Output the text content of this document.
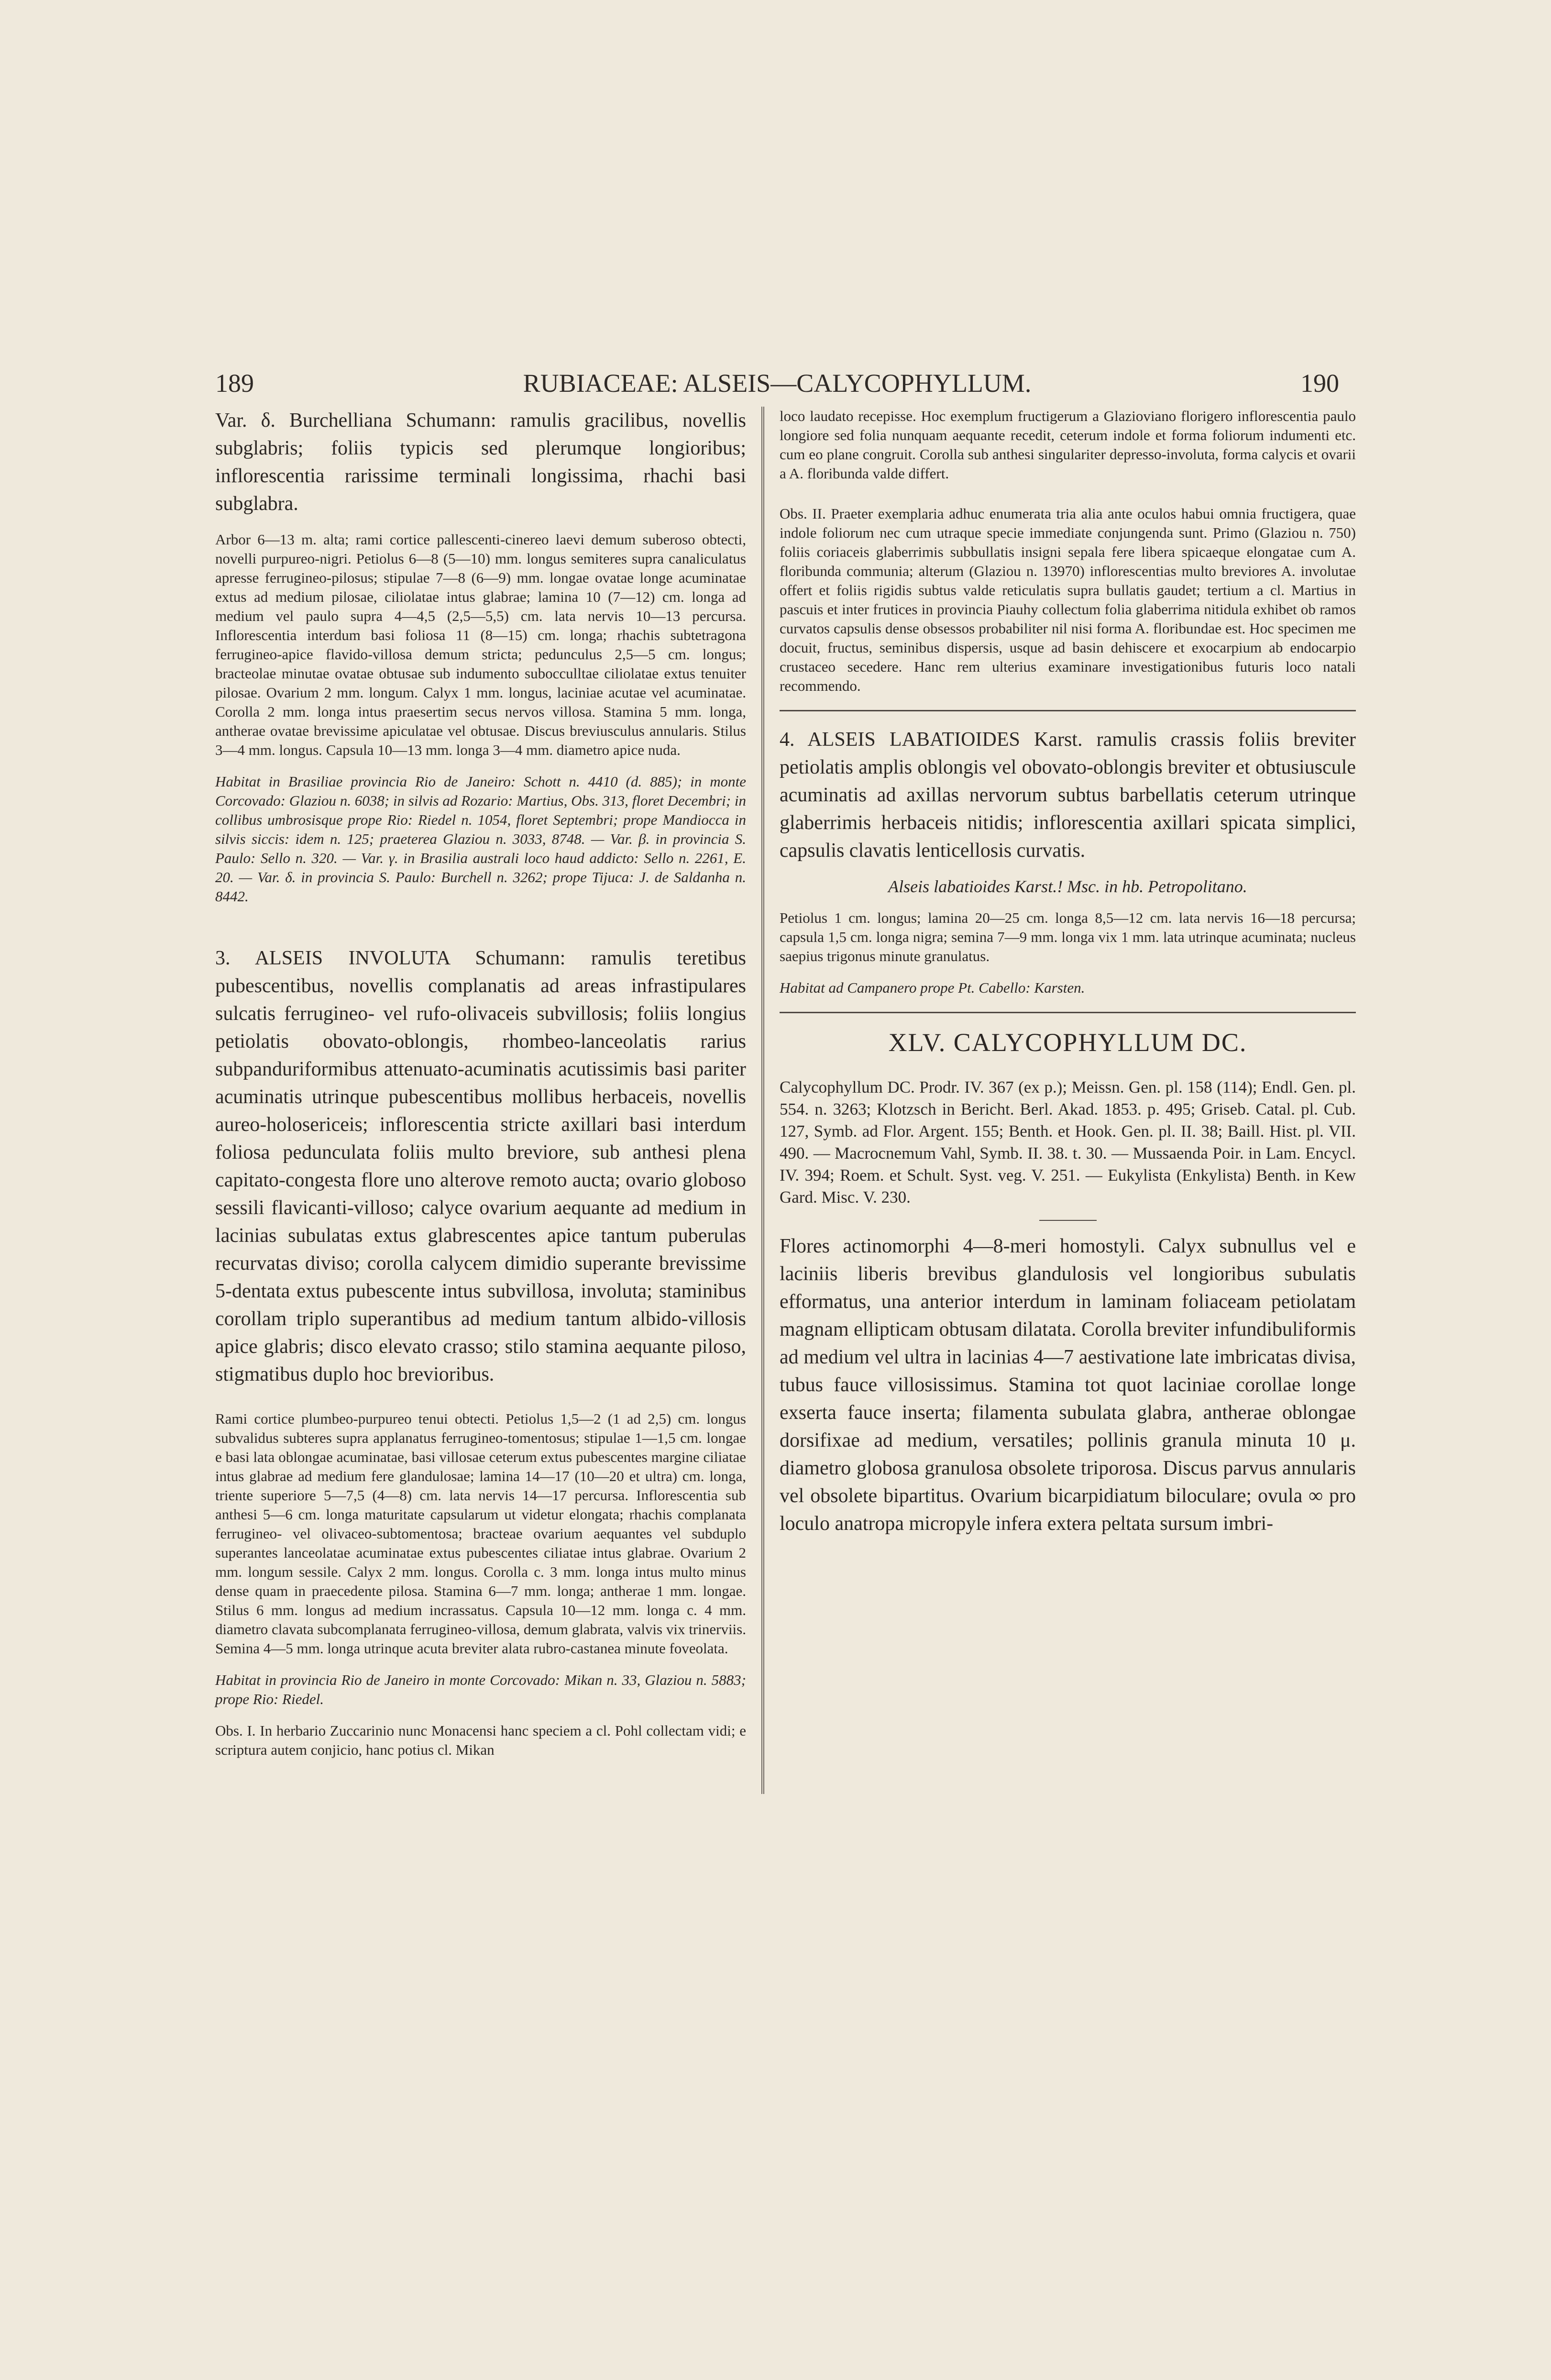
189	RUBIACEAE: ALSEIS—CALYCOPHYLLUM.	190

Var. δ. Burchelliana Schumann: ramulis gracilibus, novellis subglabris; foliis typicis sed plerumque longioribus; inflorescentia rarissime terminali longissima, rhachi basi subglabra.

Arbor 6—13 m. alta; rami cortice pallescenti-cinereo laevi demum suberoso obtecti, novelli purpureo-nigri. Petiolus 6—8 (5—10) mm. longus semiteres supra canaliculatus apresse ferrugineo-pilosus; stipulae 7—8 (6—9) mm. longae ovatae longe acuminatae extus ad medium pilosae, ciliolatae intus glabrae; lamina 10 (7—12) cm. longa ad medium vel paulo supra 4—4,5 (2,5—5,5) cm. lata nervis 10—13 percursa. Inflorescentia interdum basi foliosa 11 (8—15) cm. longa; rhachis subtetragona ferrugineo-apice flavido-villosa demum stricta; pedunculus 2,5—5 cm. longus; bracteolae minutae ovatae obtusae sub indumento subocculltae ciliolatae extus tenuiter pilosae. Ovarium 2 mm. longum. Calyx 1 mm. longus, laciniae acutae vel acuminatae. Corolla 2 mm. longa intus praesertim secus nervos villosa. Stamina 5 mm. longa, antherae ovatae brevissime apiculatae vel obtusae. Discus breviusculus annularis. Stilus 3—4 mm. longus. Capsula 10—13 mm. longa 3—4 mm. diametro apice nuda.

Habitat in Brasiliae provincia Rio de Janeiro: Schott n. 4410 (d. 885); in monte Corcovado: Glaziou n. 6038; in silvis ad Rozario: Martius, Obs. 313, floret Decembri; in collibus umbrosisque prope Rio: Riedel n. 1054, floret Septembri; prope Mandiocca in silvis siccis: idem n. 125; praeterea Glaziou n. 3033, 8748. — Var. β. in provincia S. Paulo: Sello n. 320. — Var. γ. in Brasilia australi loco haud addicto: Sello n. 2261, E. 20. — Var. δ. in provincia S. Paulo: Burchell n. 3262; prope Tijuca: J. de Saldanha n. 8442.

3. ALSEIS INVOLUTA Schumann: ramulis teretibus pubescentibus, novellis complanatis ad areas infrastipulares sulcatis ferrugineo- vel rufo-olivaceis subvillosis; foliis longius petiolatis obovato-oblongis, rhombeo-lanceolatis rarius subpanduriformibus attenuato-acuminatis acutissimis basi pariter acuminatis utrinque pubescentibus mollibus herbaceis, novellis aureo-holosericeis; inflorescentia stricte axillari basi interdum foliosa pedunculata foliis multo breviore, sub anthesi plena capitato-congesta flore uno alterove remoto aucta; ovario globoso sessili flavicanti-villoso; calyce ovarium aequante ad medium in lacinias subulatas extus glabrescentes apice tantum puberulas recurvatas diviso; corolla calycem dimidio superante brevissime 5-dentata extus pubescente intus subvillosa, involuta; staminibus corollam triplo superantibus ad medium tantum albido-villosis apice glabris; disco elevato crasso; stilo stamina aequante piloso, stigmatibus duplo hoc brevioribus.

Rami cortice plumbeo-purpureo tenui obtecti. Petiolus 1,5—2 (1 ad 2,5) cm. longus subvalidus subteres supra applanatus ferrugineo-tomentosus; stipulae 1—1,5 cm. longae e basi lata oblongae acuminatae, basi villosae ceterum extus pubescentes margine ciliatae intus glabrae ad medium fere glandulosae; lamina 14—17 (10—20 et ultra) cm. longa, triente superiore 5—7,5 (4—8) cm. lata nervis 14—17 percursa. Inflorescentia sub anthesi 5—6 cm. longa maturitate capsularum ut videtur elongata; rhachis complanata ferrugineo- vel olivaceo-subtomentosa; bracteae ovarium aequantes vel subduplo superantes lanceolatae acuminatae extus pubescentes ciliatae intus glabrae. Ovarium 2 mm. longum sessile. Calyx 2 mm. longus. Corolla c. 3 mm. longa intus multo minus dense quam in praecedente pilosa. Stamina 6—7 mm. longa; antherae 1 mm. longae. Stilus 6 mm. longus ad medium incrassatus. Capsula 10—12 mm. longa c. 4 mm. diametro clavata subcomplanata ferrugineo-villosa, demum glabrata, valvis vix trinerviis. Semina 4—5 mm. longa utrinque acuta breviter alata rubro-castanea minute foveolata.

Habitat in provincia Rio de Janeiro in monte Corcovado: Mikan n. 33, Glaziou n. 5883; prope Rio: Riedel.

Obs. I. In herbario Zuccarinio nunc Monacensi hanc speciem a cl. Pohl collectam vidi; e scriptura autem conjicio, hanc potius cl. Mikan

loco laudato recepisse. Hoc exemplum fructigerum a Glazioviano florigero inflorescentia paulo longiore sed folia nunquam aequante recedit, ceterum indole et forma foliorum indumenti etc. cum eo plane congruit. Corolla sub anthesi singulariter depresso-involuta, forma calycis et ovarii a A. floribunda valde differt.

Obs. II. Praeter exemplaria adhuc enumerata tria alia ante oculos habui omnia fructigera, quae indole foliorum nec cum utraque specie immediate conjungenda sunt. Primo (Glaziou n. 750) foliis coriaceis glaberrimis subbullatis insigni sepala fere libera spicaeque elongatae cum A. floribunda communia; alterum (Glaziou n. 13970) inflorescentias multo breviores A. involutae offert et foliis rigidis subtus valde reticulatis supra bullatis gaudet; tertium a cl. Martius in pascuis et inter frutices in provincia Piauhy collectum folia glaberrima nitidula exhibet ob ramos curvatos capsulis dense obsessos probabiliter nil nisi forma A. floribundae est. Hoc specimen me docuit, fructus, seminibus dispersis, usque ad basin dehiscere et exocarpium ab endocarpio crustaceo secedere. Hanc rem ulterius examinare investigationibus futuris loco natali recommendo.

4. ALSEIS LABATIOIDES Karst. ramulis crassis foliis breviter petiolatis amplis oblongis vel obovato-oblongis breviter et obtusiuscule acuminatis ad axillas nervorum subtus barbellatis ceterum utrinque glaberrimis herbaceis nitidis; inflorescentia axillari spicata simplici, capsulis clavatis lenticellosis curvatis.

Alseis labatioides Karst.! Msc. in hb. Petropolitano.

Petiolus 1 cm. longus; lamina 20—25 cm. longa 8,5—12 cm. lata nervis 16—18 percursa; capsula 1,5 cm. longa nigra; semina 7—9 mm. longa vix 1 mm. lata utrinque acuminata; nucleus saepius trigonus minute granulatus.

Habitat ad Campanero prope Pt. Cabello: Karsten.

XLV. CALYCOPHYLLUM DC.

Calycophyllum DC. Prodr. IV. 367 (ex p.); Meissn. Gen. pl. 158 (114); Endl. Gen. pl. 554. n. 3263; Klotzsch in Bericht. Berl. Akad. 1853. p. 495; Griseb. Catal. pl. Cub. 127, Symb. ad Flor. Argent. 155; Benth. et Hook. Gen. pl. II. 38; Baill. Hist. pl. VII. 490. — Macrocnemum Vahl, Symb. II. 38. t. 30. — Mussaenda Poir. in Lam. Encycl. IV. 394; Roem. et Schult. Syst. veg. V. 251. — Eukylista (Enkylista) Benth. in Kew Gard. Misc. V. 230.

Flores actinomorphi 4—8-meri homostyli. Calyx subnullus vel e laciniis liberis brevibus glandulosis vel longioribus subulatis efformatus, una anterior interdum in laminam foliaceam petiolatam magnam ellipticam obtusam dilatata. Corolla breviter infundibuliformis ad medium vel ultra in lacinias 4—7 aestivatione late imbricatas divisa, tubus fauce villosissimus. Stamina tot quot laciniae corollae longe exserta fauce inserta; filamenta subulata glabra, antherae oblongae dorsifixae ad medium, versatiles; pollinis granula minuta 10 μ. diametro globosa granulosa obsolete triporosa. Discus parvus annularis vel obsolete bipartitus. Ovarium bicarpidiatum biloculare; ovula ∞ pro loculo anatropa micropyle infera extera peltata sursum imbri-
